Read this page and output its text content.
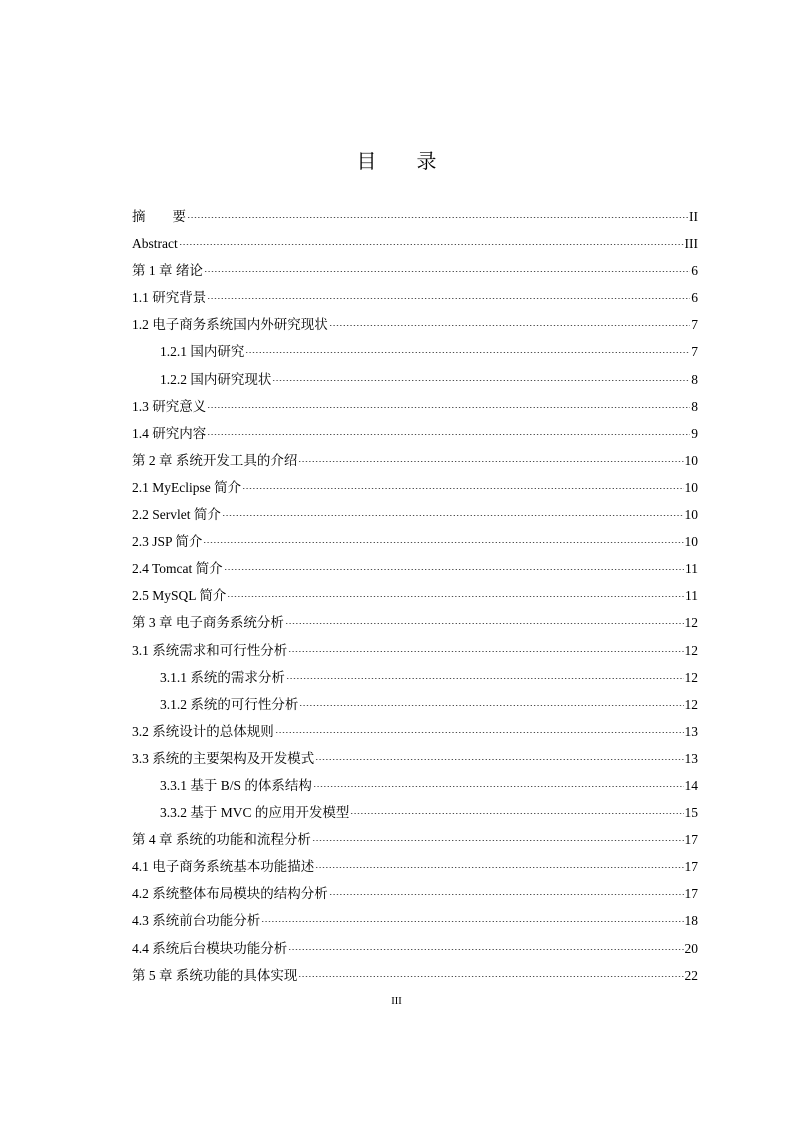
目　　录
摘　　要	II
Abstract	III
第 1 章 绪论	6
1.1 研究背景	6
1.2 电子商务系统国内外研究现状	7
1.2.1 国内研究	7
1.2.2 国内研究现状	8
1.3 研究意义	8
1.4 研究内容	9
第 2 章 系统开发工具的介绍	10
2.1 MyEclipse 简介	10
2.2 Servlet 简介	10
2.3 JSP 简介	10
2.4 Tomcat 简介	11
2.5 MySQL 简介	11
第 3 章 电子商务系统分析	12
3.1 系统需求和可行性分析	12
3.1.1 系统的需求分析	12
3.1.2 系统的可行性分析	12
3.2 系统设计的总体规则	13
3.3 系统的主要架构及开发模式	13
3.3.1 基于 B/S 的体系结构	14
3.3.2 基于 MVC 的应用开发模型	15
第 4 章 系统的功能和流程分析	17
4.1 电子商务系统基本功能描述	17
4.2 系统整体布局模块的结构分析	17
4.3 系统前台功能分析	18
4.4 系统后台模块功能分析	20
第 5 章 系统功能的具体实现	22
III
